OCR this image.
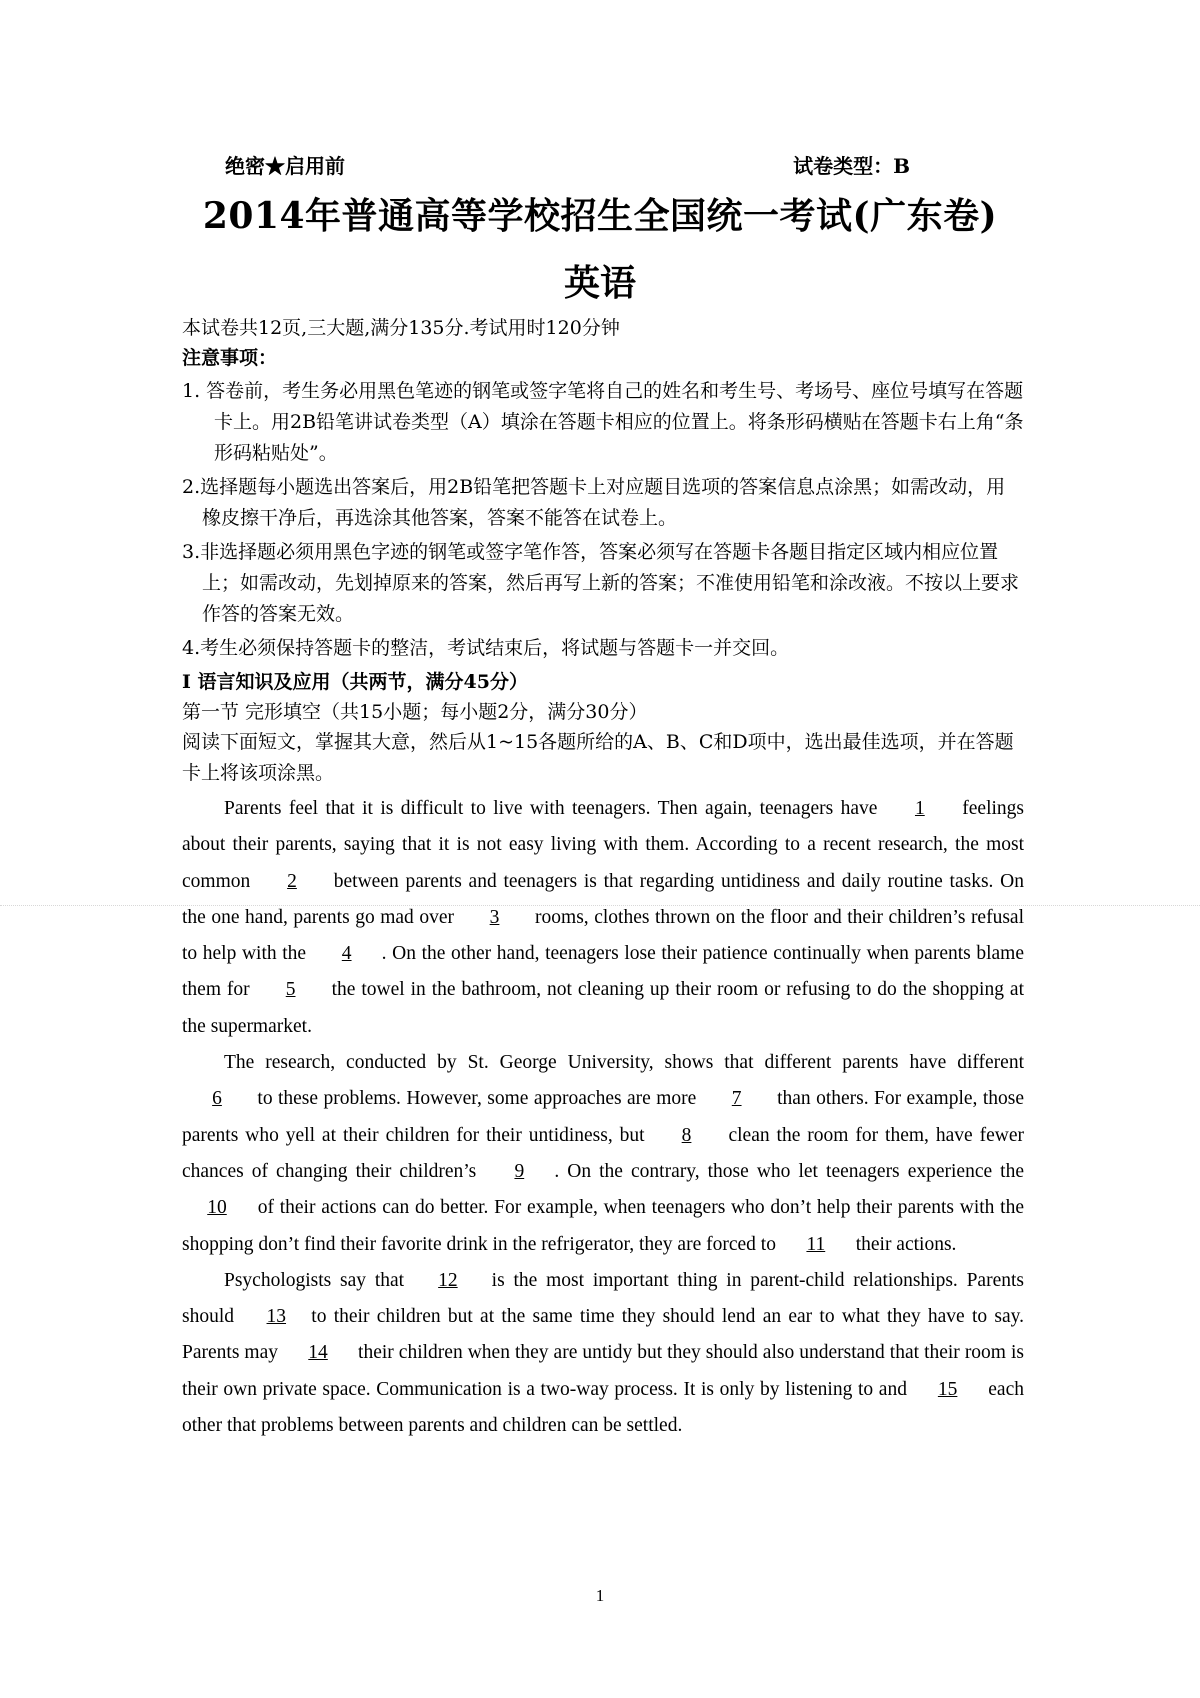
绝密★启用前	试卷类型：B
2014年普通高等学校招生全国统一考试(广东卷)
英语

本试卷共12页,三大题,满分135分.考试用时120分钟

注意事项：

1. 答卷前，考生务必用黑色笔迹的钢笔或签字笔将自己的姓名和考生号、考场号、座位号填写在答题卡上。用2B铅笔讲试卷类型（A）填涂在答题卡相应的位置上。将条形码横贴在答题卡右上角“条形码粘贴处”。

2.选择题每小题选出答案后，用2B铅笔把答题卡上对应题目选项的答案信息点涂黑；如需改动，用橡皮擦干净后，再选涂其他答案，答案不能答在试卷上。

3.非选择题必须用黑色字迹的钢笔或签字笔作答，答案必须写在答题卡各题目指定区域内相应位置上；如需改动，先划掉原来的答案，然后再写上新的答案；不准使用铅笔和涂改液。不按以上要求作答的答案无效。

4.考生必须保持答题卡的整洁，考试结束后，将试题与答题卡一并交回。

I 语言知识及应用（共两节，满分45分）

第一节 完形填空（共15小题；每小题2分，满分30分）

阅读下面短文，掌握其大意，然后从1~15各题所给的A、B、C和D项中，选出最佳选项，并在答题卡上将该项涂黑。

Parents feel that it is difficult to live with teenagers. Then again, teenagers have 1 feelings about their parents, saying that it is not easy living with them. According to a recent research, the most common 2 between parents and teenagers is that regarding untidiness and daily routine tasks. On the one hand, parents go mad over 3 rooms, clothes thrown on the floor and their children’s refusal to help with the 4 . On the other hand, teenagers lose their patience continually when parents blame them for 5 the towel in the bathroom, not cleaning up their room or refusing to do the shopping at the supermarket.

The research, conducted by St. George University, shows that different parents have different 6 to these problems. However, some approaches are more 7 than others. For example, those parents who yell at their children for their untidiness, but 8 clean the room for them, have fewer chances of changing their children’s 9 . On the contrary, those who let teenagers experience the 10 of their actions can do better. For example, when teenagers who don’t help their parents with the shopping don’t find their favorite drink in the refrigerator, they are forced to 11 their actions.

Psychologists say that 12 is the most important thing in parent-child relationships. Parents should 13 to their children but at the same time they should lend an ear to what they have to say. Parents may 14 their children when they are untidy but they should also understand that their room is their own private space. Communication is a two-way process. It is only by listening to and 15 each other that problems between parents and children can be settled.

1
